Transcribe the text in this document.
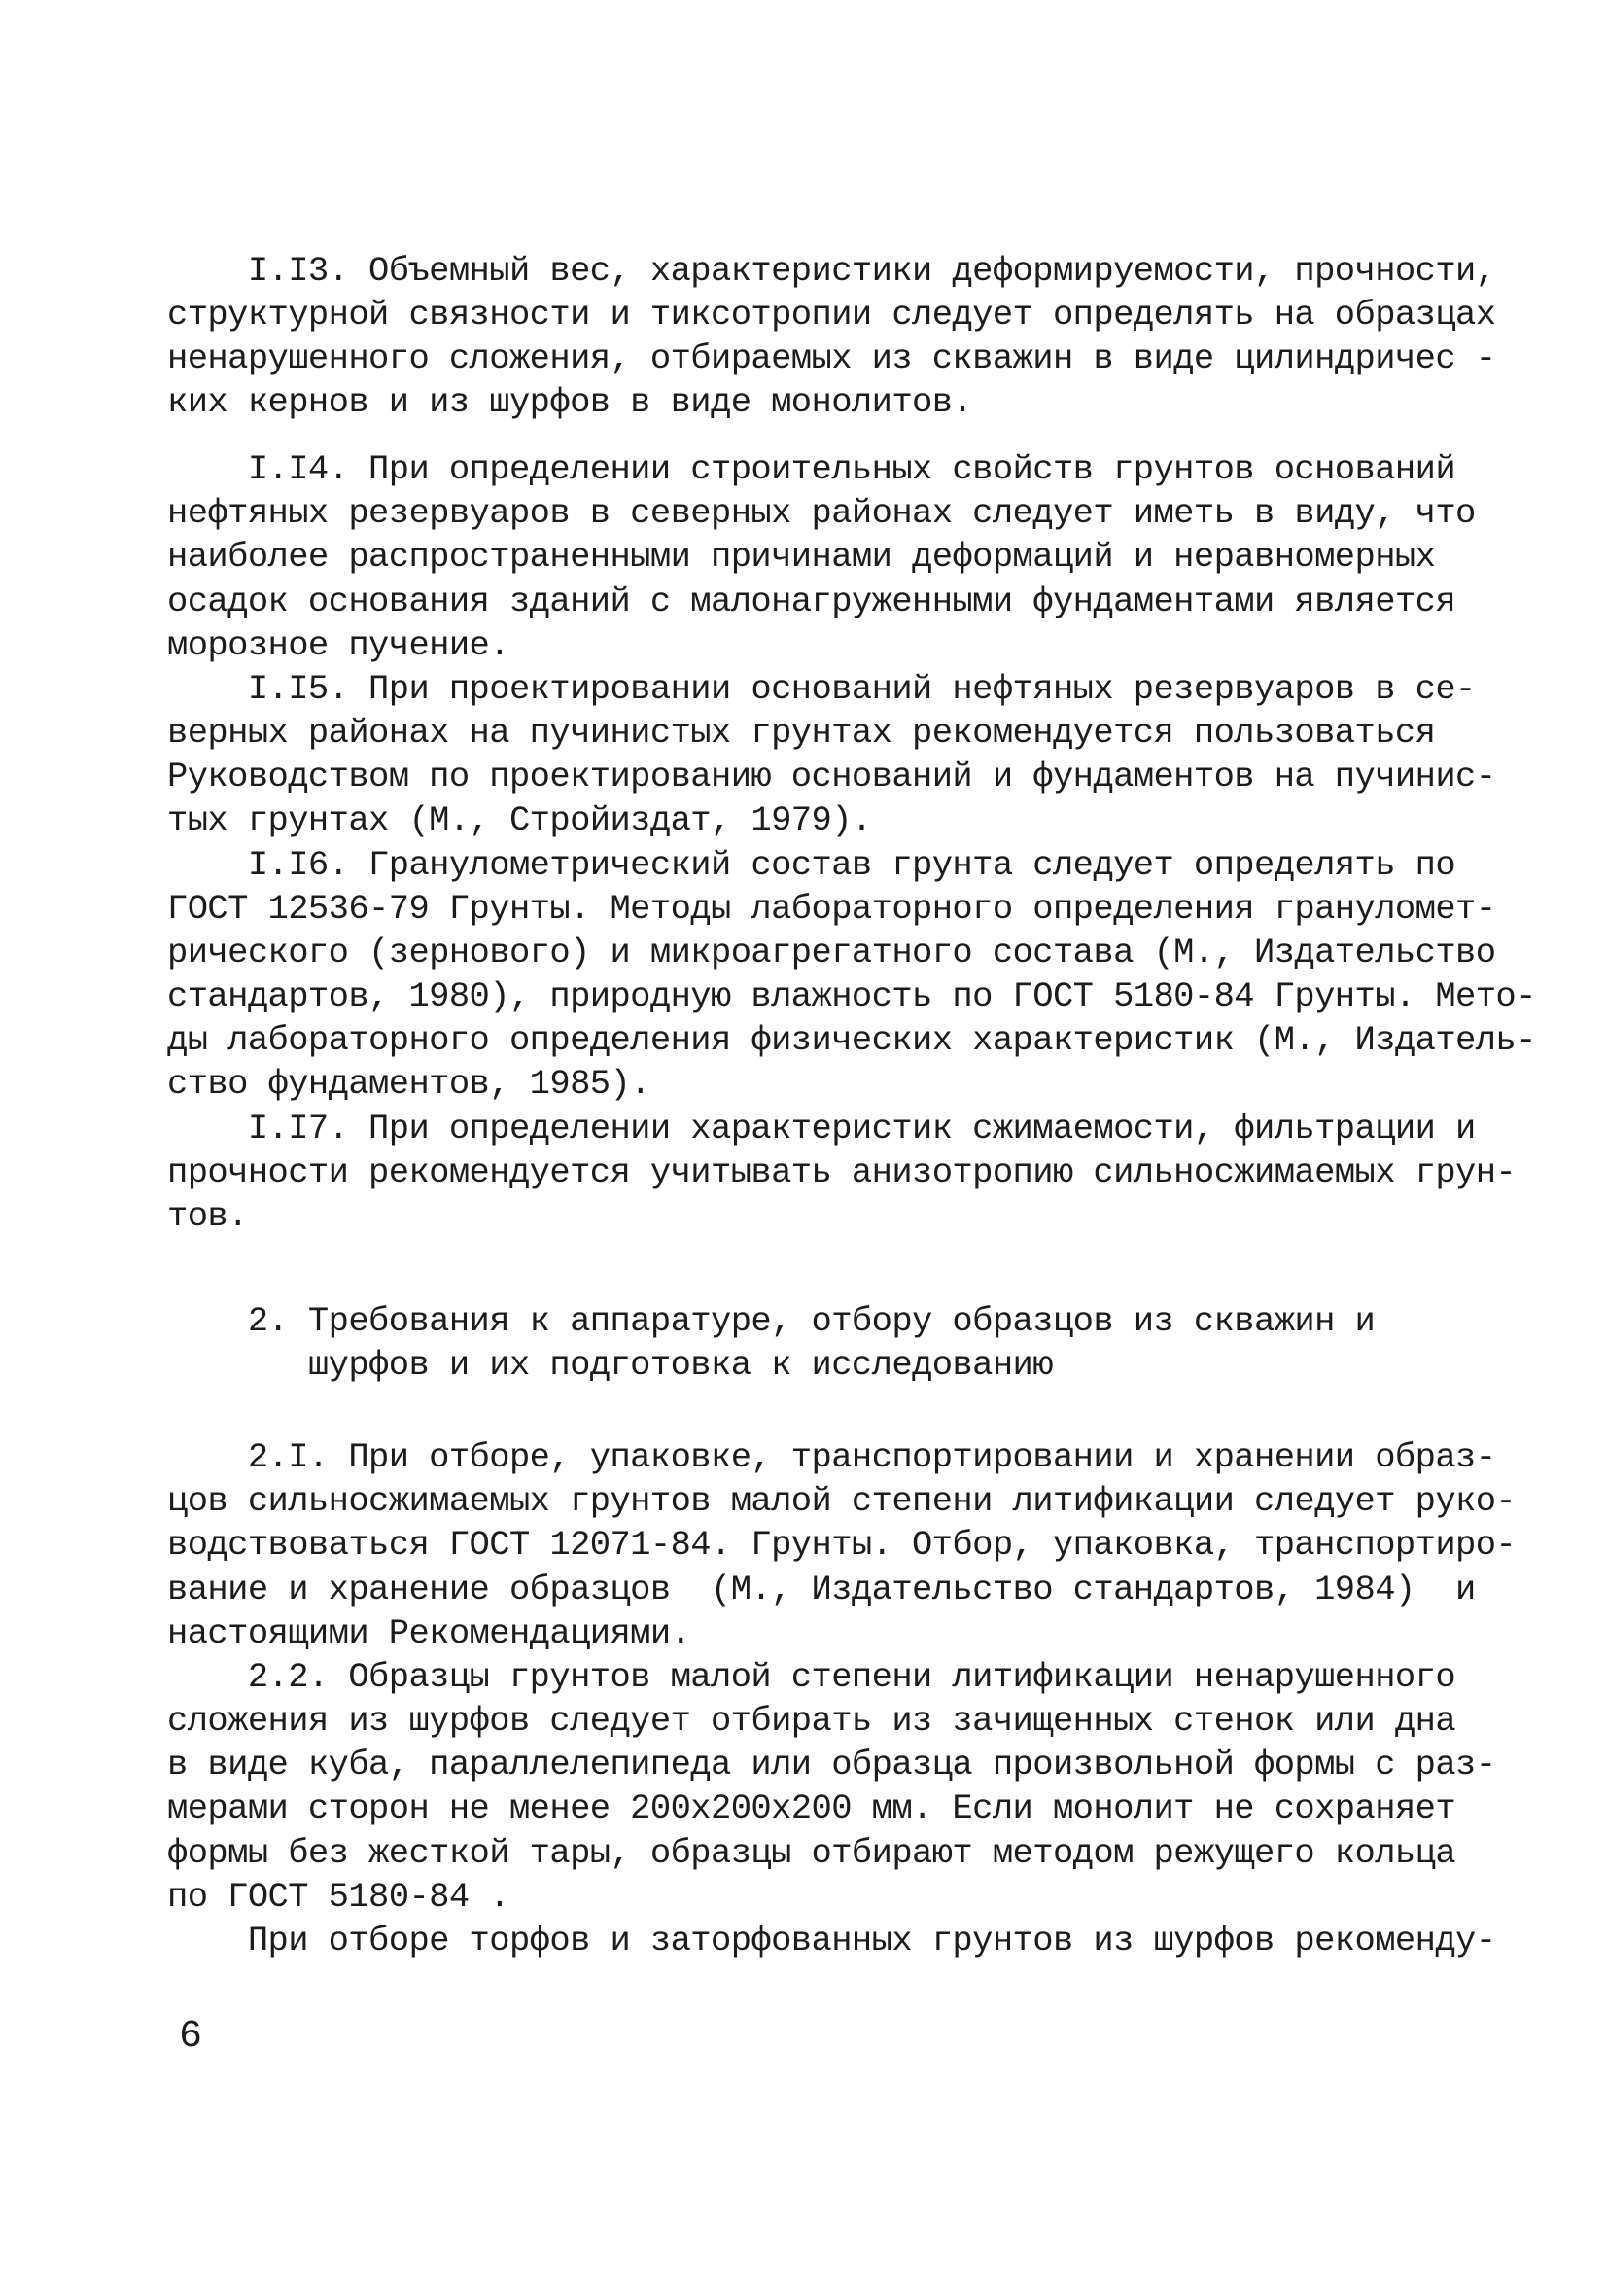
I.I3. Объемный вес, характеристики деформируемости, прочности,
структурной связности и тиксотропии следует определять на образцах
ненарушенного сложения, отбираемых из скважин в виде цилиндричес -
ких кернов и из шурфов в виде монолитов.
I.I4. При определении строительных свойств грунтов оснований
нефтяных резервуаров в северных районах следует иметь в виду, что
наиболее распространенными причинами деформаций и неравномерных
осадок основания зданий с малонагруженными фундаментами является
морозное пучение.
I.I5. При проектировании оснований нефтяных резервуаров в се-
верных районах на пучинистых грунтах рекомендуется пользоваться
Руководством по проектированию оснований и фундаментов на пучинис-
тых грунтах (М., Стройиздат, 1979).
I.I6. Гранулометрический состав грунта следует определять по
ГОСТ 12536-79 Грунты. Методы лабораторного определения грануломет-
рического (зернового) и микроагрегатного состава (М., Издательство
стандартов, 1980), природную влажность по ГОСТ 5180-84 Грунты. Мето-
ды лабораторного определения физических характеристик (М., Издатель-
ство фундаментов, 1985).
I.I7. При определении характеристик сжимаемости, фильтрации и
прочности рекомендуется учитывать анизотропию сильносжимаемых грун-
тов.
2. Требования к аппаратуре, отбору образцов из скважин и
шурфов и их подготовка к исследованию
2.I. При отборе, упаковке, транспортировании и хранении образ-
цов сильносжимаемых грунтов малой степени литификации следует руко-
водствоваться ГОСТ 12071-84. Грунты. Отбор, упаковка, транспортиро-
вание и хранение образцов  (М., Издательство стандартов, 1984)  и
настоящими Рекомендациями.
2.2. Образцы грунтов малой степени литификации ненарушенного
сложения из шурфов следует отбирать из зачищенных стенок или дна
в виде куба, параллелепипеда или образца произвольной формы с раз-
мерами сторон не менее 200х200х200 мм. Если монолит не сохраняет
формы без жесткой тары, образцы отбирают методом режущего кольца
по ГОСТ 5180-84 .
При отборе торфов и заторфованных грунтов из шурфов рекоменду-
6
